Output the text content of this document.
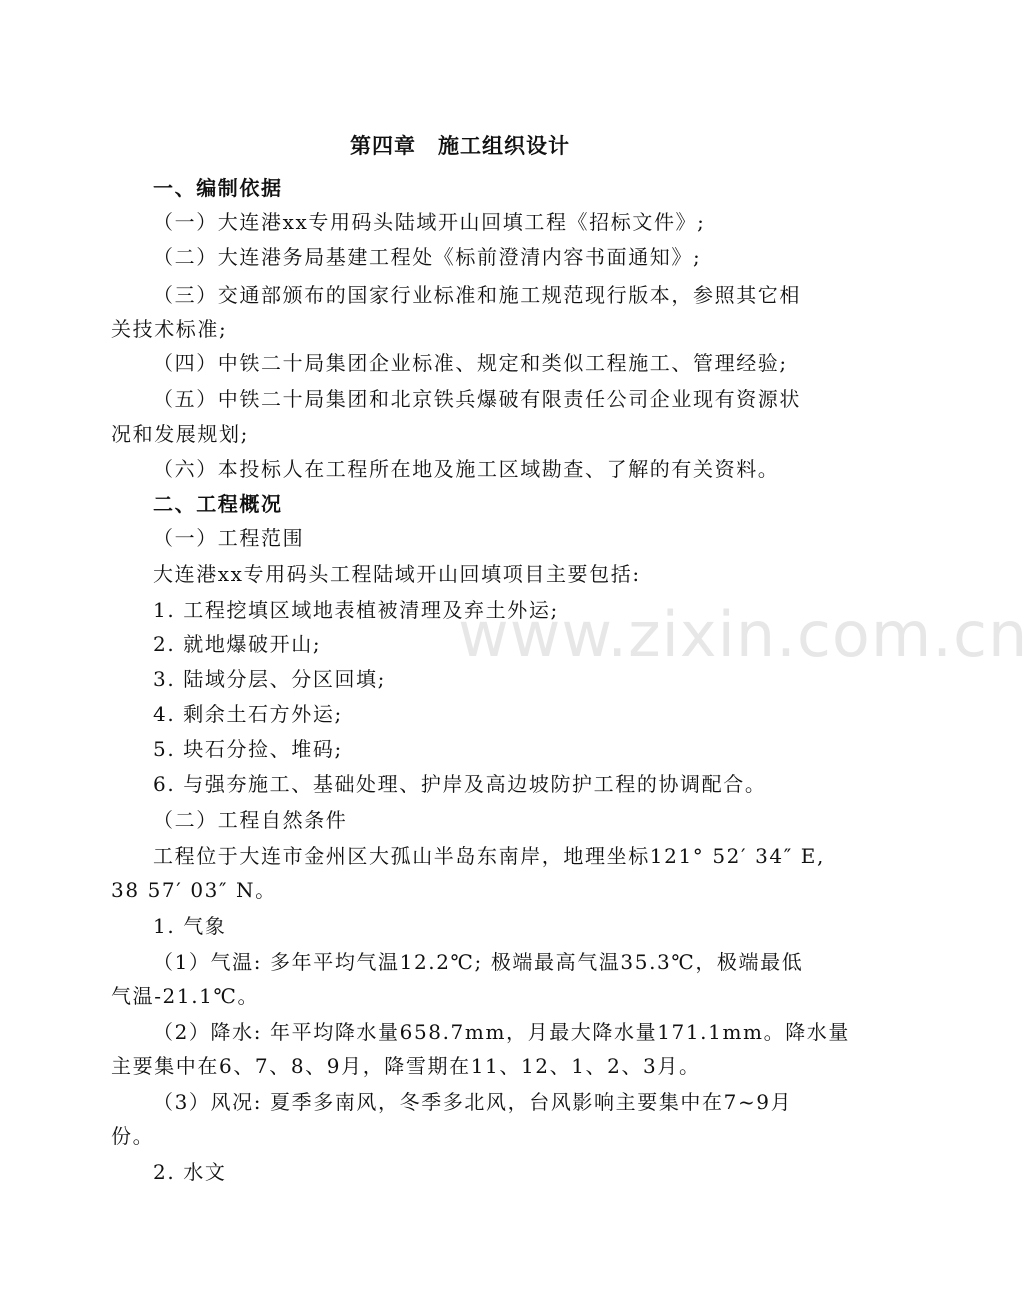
第四章　施工组织设计

一、编制依据

（一）大连港xx专用码头陆域开山回填工程《招标文件》;

（二）大连港务局基建工程处《标前澄清内容书面通知》;

（三）交通部颁布的国家行业标准和施工规范现行版本，参照其它相

关技术标准;

（四）中铁二十局集团企业标准、规定和类似工程施工、管理经验;

（五）中铁二十局集团和北京铁兵爆破有限责任公司企业现有资源状

况和发展规划;

（六）本投标人在工程所在地及施工区域勘查、了解的有关资料。

二、工程概况

（一）工程范围

大连港xx专用码头工程陆域开山回填项目主要包括:

1. 工程挖填区域地表植被清理及弃土外运;

2. 就地爆破开山;

3. 陆域分层、分区回填;

4. 剩余土石方外运;

5. 块石分捡、堆码;

6. 与强夯施工、基础处理、护岸及高边坡防护工程的协调配合。

（二）工程自然条件

工程位于大连市金州区大孤山半岛东南岸，地理坐标121° 52′ 34″ E,

38 57′ 03″ N。

1. 气象

（1）气温: 多年平均气温12.2℃; 极端最高气温35.3℃，极端最低

气温-21.1℃。

（2）降水: 年平均降水量658.7mm，月最大降水量171.1mm。降水量

主要集中在6、7、8、9月，降雪期在11、12、1、2、3月。

（3）风况: 夏季多南风，冬季多北风，台风影响主要集中在7~9月

份。

2. 水文

www.zixin.com.cn
